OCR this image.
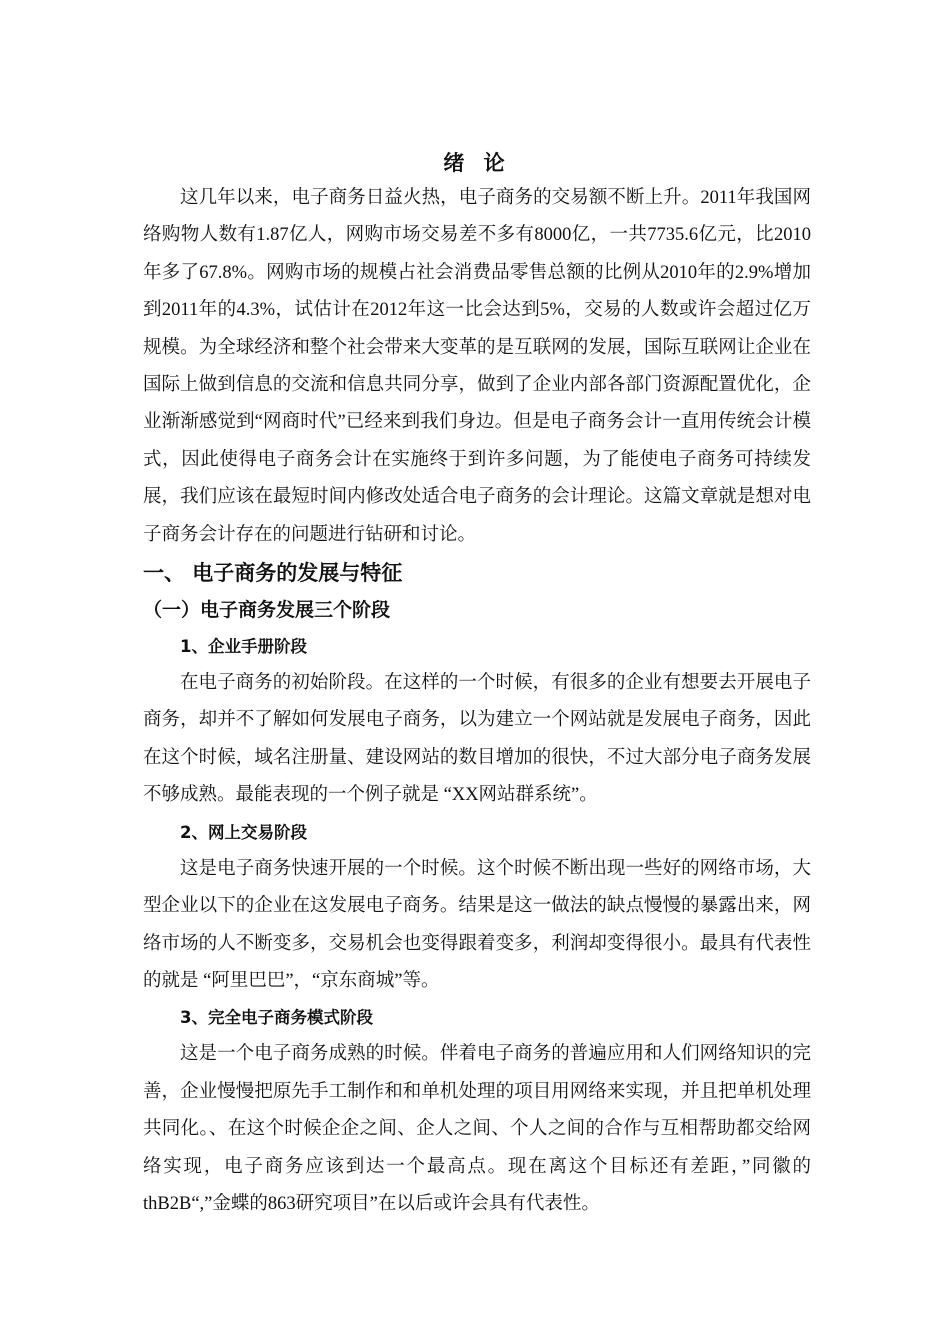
绪 论

这几年以来，电子商务日益火热，电子商务的交易额不断上升。2011年我国网络购物人数有1.87亿人，网购市场交易差不多有8000亿，一共7735.6亿元，比2010年多了67.8%。网购市场的规模占社会消费品零售总额的比例从2010年的2.9%增加到2011年的4.3%，试估计在2012年这一比会达到5%，交易的人数或许会超过亿万规模。为全球经济和整个社会带来大变革的是互联网的发展，国际互联网让企业在国际上做到信息的交流和信息共同分享，做到了企业内部各部门资源配置优化，企业渐渐感觉到“网商时代”已经来到我们身边。但是电子商务会计一直用传统会计模式，因此使得电子商务会计在实施终于到许多问题，为了能使电子商务可持续发展，我们应该在最短时间内修改处适合电子商务的会计理论。这篇文章就是想对电子商务会计存在的问题进行钻研和讨论。

一、 电子商务的发展与特征
（一）电子商务发展三个阶段
1、企业手册阶段

在电子商务的初始阶段。在这样的一个时候，有很多的企业有想要去开展电子商务，却并不了解如何发展电子商务，以为建立一个网站就是发展电子商务，因此在这个时候，域名注册量、建设网站的数目增加的很快，不过大部分电子商务发展不够成熟。最能表现的一个例子就是 “XX网站群系统”。

2、网上交易阶段

这是电子商务快速开展的一个时候。这个时候不断出现一些好的网络市场，大型企业以下的企业在这发展电子商务。结果是这一做法的缺点慢慢的暴露出来，网络市场的人不断变多，交易机会也变得跟着变多，利润却变得很小。最具有代表性的就是 “阿里巴巴”，“京东商城”等。

3、完全电子商务模式阶段

这是一个电子商务成熟的时候。伴着电子商务的普遍应用和人们网络知识的完善，企业慢慢把原先手工制作和和单机处理的项目用网络来实现，并且把单机处理共同化。、在这个时候企企之间、企人之间、个人之间的合作与互相帮助都交给网络实现，电子商务应该到达一个最高点。现在离这个目标还有差距，”同徽的thB2B“,”金蝶的863研究项目”在以后或许会具有代表性。
